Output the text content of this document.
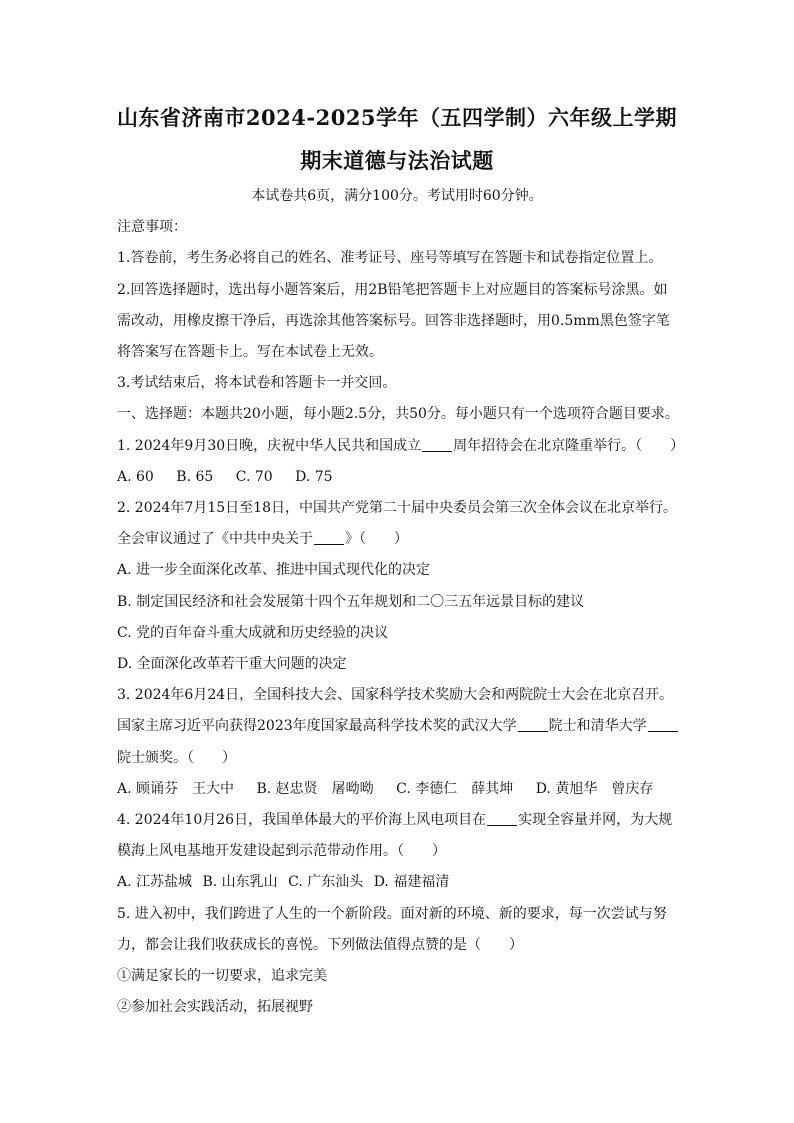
山东省济南市2024-2025学年（五四学制）六年级上学期
期末道德与法治试题
本试卷共6页，满分100分。考试用时60分钟。
注意事项：
1.答卷前，考生务必将自己的姓名、准考证号、座号等填写在答题卡和试卷指定位置上。
2.回答选择题时，选出每小题答案后，用2B铅笔把答题卡上对应题目的答案标号涂黑。如
需改动，用橡皮擦干净后，再选涂其他答案标号。回答非选择题时，用0.5mm黑色签字笔
将答案写在答题卡上。写在本试卷上无效。
3.考试结束后，将本试卷和答题卡一并交回。
一、选择题：本题共20小题，每小题2.5分，共50分。每小题只有一个选项符合题目要求。
1. 2024年9月30日晚，庆祝中华人民共和国成立 周年招待会在北京隆重举行。（　　）
A. 60 B. 65 C. 70 D. 75
2. 2024年7月15日至18日，中国共产党第二十届中央委员会第三次全体会议在北京举行。
全会审议通过了《中共中央关于 》（　　）
A. 进一步全面深化改革、推进中国式现代化的决定
B. 制定国民经济和社会发展第十四个五年规划和二〇三五年远景目标的建议
C. 党的百年奋斗重大成就和历史经验的决议
D. 全面深化改革若干重大问题的决定
3. 2024年6月24日，全国科技大会、国家科学技术奖励大会和两院院士大会在北京召开。
国家主席习近平向获得2023年度国家最高科学技术奖的武汉大学 院士和清华大学
院士颁奖。（　　）
A. 顾诵芬　王大中 B. 赵忠贤　屠呦呦 C. 李德仁　薛其坤 D. 黄旭华　曾庆存
4. 2024年10月26日，我国单体最大的平价海上风电项目在 实现全容量并网，为大规
模海上风电基地开发建设起到示范带动作用。（　　）
A. 江苏盐城 B. 山东乳山 C. 广东汕头 D. 福建福清
5. 进入初中，我们跨进了人生的一个新阶段。面对新的环境、新的要求，每一次尝试与努
力，都会让我们收获成长的喜悦。下列做法值得点赞的是（　　）
①满足家长的一切要求，追求完美
②参加社会实践活动，拓展视野
